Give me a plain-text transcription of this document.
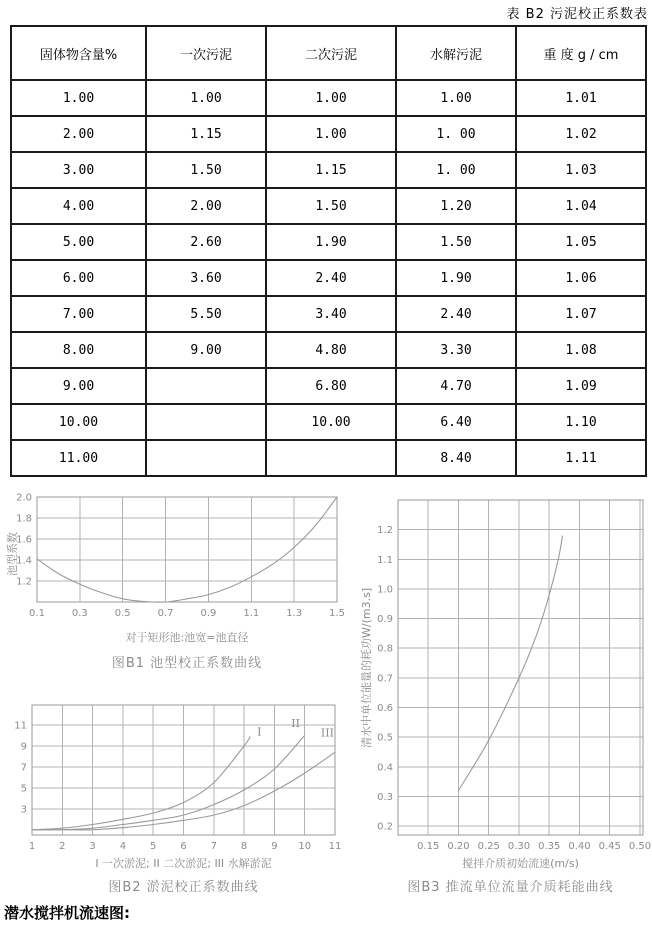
表 B2 污泥校正系数表
固体物含量%	一次污泥	二次污泥	水解污泥	重 度 g / cm
1.00	1.00	1.00	1.00	1.01
2.00	1.15	1.00	1. 00	1.02
3.00	1.50	1.15	1. 00	1.03
4.00	2.00	1.50	1.20	1.04
5.00	2.60	1.90	1.50	1.05
6.00	3.60	2.40	1.90	1.06
7.00	5.50	3.40	2.40	1.07
8.00	9.00	4.80	3.30	1.08
9.00		6.80	4.70	1.09
10.00		10.00	6.40	1.10
11.00			8.40	1.11
0.1	0.3	0.5	0.7	0.9	1.1	1.3	1.5
1.2
1.4
1.6
1.8
2.0
池型系数
对于矩形池:池宽=池直径
图B1 池型校正系数曲线
1 2 3 4 5 6 7 8 9 10 11
3
5
7
9
11	I
II
III
I 一次淤泥; II 二次淤泥; III 水解淤泥
图B2 淤泥校正系数曲线
0.15 0.20 0.25 0.30 0.35 0.40 0.45 0.50
0.2
0.3
0.4
0.5
0.6
0.7
0.8
0.9
1.0
1.1
1.2
清水中单位能量的耗功W/(m3.s]
搅拌介质初始流速(m/s)
图B3 推流单位流量介质耗能曲线
潜水搅拌机流速图:
